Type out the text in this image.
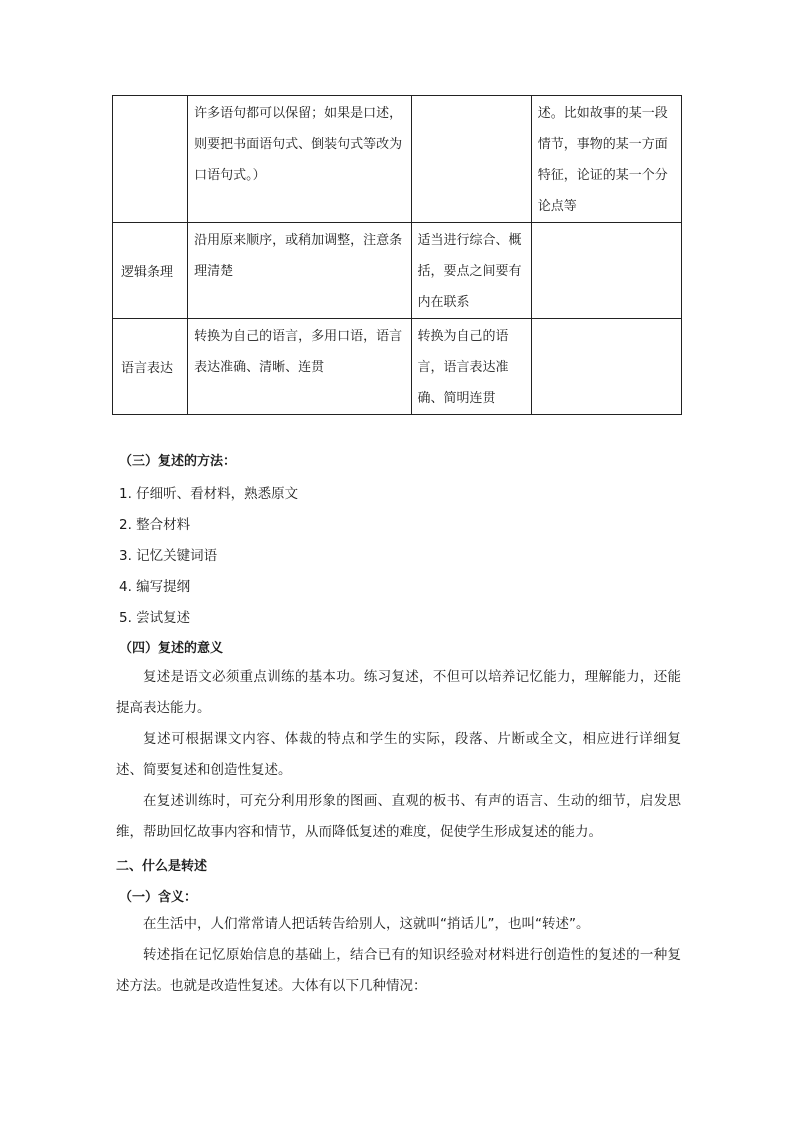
	许多语句都可以保留；如果是口述，则要把书面语句式、倒装句式等改为口语句式。）		述。比如故事的某一段情节，事物的某一方面特征，论证的某一个分论点等

逻辑条理	沿用原来顺序，或稍加调整，注意条理清楚	适当进行综合、概括，要点之间要有内在联系	

语言表达	转换为自己的语言，多用口语，语言表达准确、清晰、连贯	转换为自己的语言，语言表达准确、简明连贯	

（三）复述的方法：
1. 仔细听、看材料，熟悉原文
2. 整合材料
3. 记忆关键词语
4. 编写提纲
5. 尝试复述
（四）复述的意义
复述是语文必须重点训练的基本功。练习复述，不但可以培养记忆能力，理解能力，还能提高表达能力。
复述可根据课文内容、体裁的特点和学生的实际，段落、片断或全文，相应进行详细复述、简要复述和创造性复述。
在复述训练时，可充分利用形象的图画、直观的板书、有声的语言、生动的细节，启发思维，帮助回忆故事内容和情节，从而降低复述的难度，促使学生形成复述的能力。
二、什么是转述
（一）含义：
在生活中，人们常常请人把话转告给别人，这就叫“捎话儿”，也叫“转述”。
转述指在记忆原始信息的基础上，结合已有的知识经验对材料进行创造性的复述的一种复述方法。也就是改造性复述。大体有以下几种情况：
